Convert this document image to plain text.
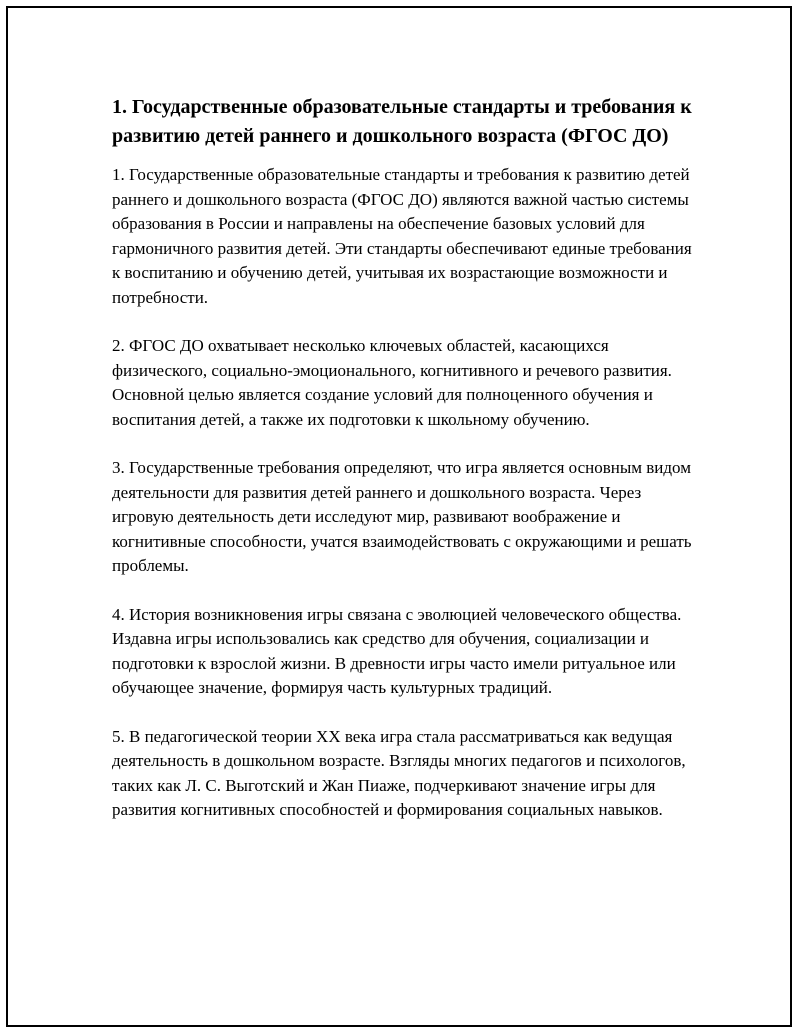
1. Государственные образовательные стандарты и требования к развитию детей раннего и дошкольного возраста (ФГОС ДО)

1. Государственные образовательные стандарты и требования к развитию детей раннего и дошкольного возраста (ФГОС ДО) являются важной частью системы образования в России и направлены на обеспечение базовых условий для гармоничного развития детей. Эти стандарты обеспечивают единые требования к воспитанию и обучению детей, учитывая их возрастающие возможности и потребности.

2. ФГОС ДО охватывает несколько ключевых областей, касающихся физического, социально-эмоционального, когнитивного и речевого развития. Основной целью является создание условий для полноценного обучения и воспитания детей, а также их подготовки к школьному обучению.

3. Государственные требования определяют, что игра является основным видом деятельности для развития детей раннего и дошкольного возраста. Через игровую деятельность дети исследуют мир, развивают воображение и когнитивные способности, учатся взаимодействовать с окружающими и решать проблемы.

4. История возникновения игры связана с эволюцией человеческого общества. Издавна игры использовались как средство для обучения, социализации и подготовки к взрослой жизни. В древности игры часто имели ритуальное или обучающее значение, формируя часть культурных традиций.

5. В педагогической теории XX века игра стала рассматриваться как ведущая деятельность в дошкольном возрасте. Взгляды многих педагогов и психологов, таких как Л. С. Выготский и Жан Пиаже, подчеркивают значение игры для развития когнитивных способностей и формирования социальных навыков.
